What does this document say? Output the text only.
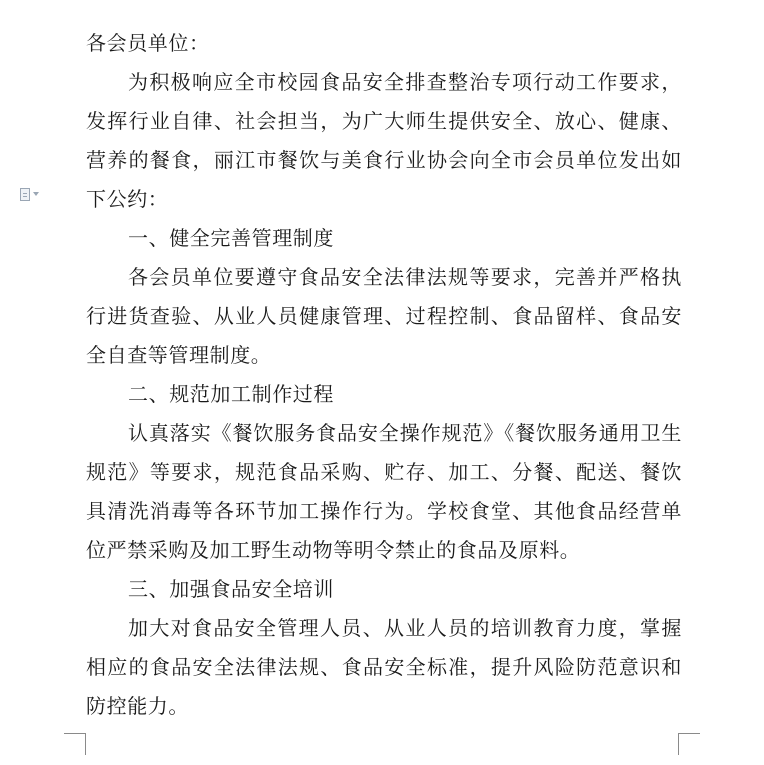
各会员单位：

为积极响应全市校园食品安全排查整治专项行动工作要求，发挥行业自律、社会担当，为广大师生提供安全、放心、健康、营养的餐食，丽江市餐饮与美食行业协会向全市会员单位发出如下公约：

一、健全完善管理制度

各会员单位要遵守食品安全法律法规等要求，完善并严格执行进货查验、从业人员健康管理、过程控制、食品留样、食品安全自查等管理制度。

二、规范加工制作过程

认真落实《餐饮服务食品安全操作规范》《餐饮服务通用卫生规范》等要求，规范食品采购、贮存、加工、分餐、配送、餐饮具清洗消毒等各环节加工操作行为。学校食堂、其他食品经营单位严禁采购及加工野生动物等明令禁止的食品及原料。

三、加强食品安全培训

加大对食品安全管理人员、从业人员的培训教育力度，掌握相应的食品安全法律法规、食品安全标准，提升风险防范意识和防控能力。
